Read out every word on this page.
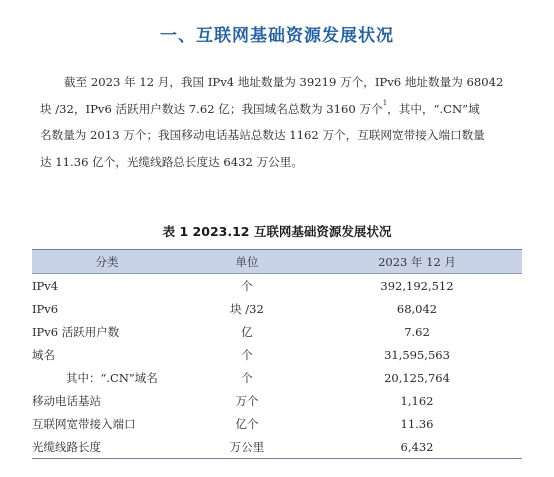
一、互联网基础资源发展状况
截至 2023 年 12 月，我国 IPv4 地址数量为 39219 万个，IPv6 地址数量为 68042
块 /32，IPv6 活跃用户数达 7.62 亿；我国域名总数为 3160 万个$^1$，其中，“.CN”域
名数量为 2013 万个；我国移动电话基站总数达 1162 万个，互联网宽带接入端口数量
达 11.36 亿个，光缆线路总长度达 6432 万公里。
表 1 2023.12 互联网基础资源发展状况
分类	单位	2023 年 12 月
IPv4	个	392,192,512
IPv6	块 /32	68,042
IPv6 活跃用户数	亿	7.62
域名	个	31,595,563
其中：“.CN”域名	个	20,125,764
移动电话基站	万个	1,162
互联网宽带接入端口	亿个	11.36
光缆线路长度	万公里	6,432
